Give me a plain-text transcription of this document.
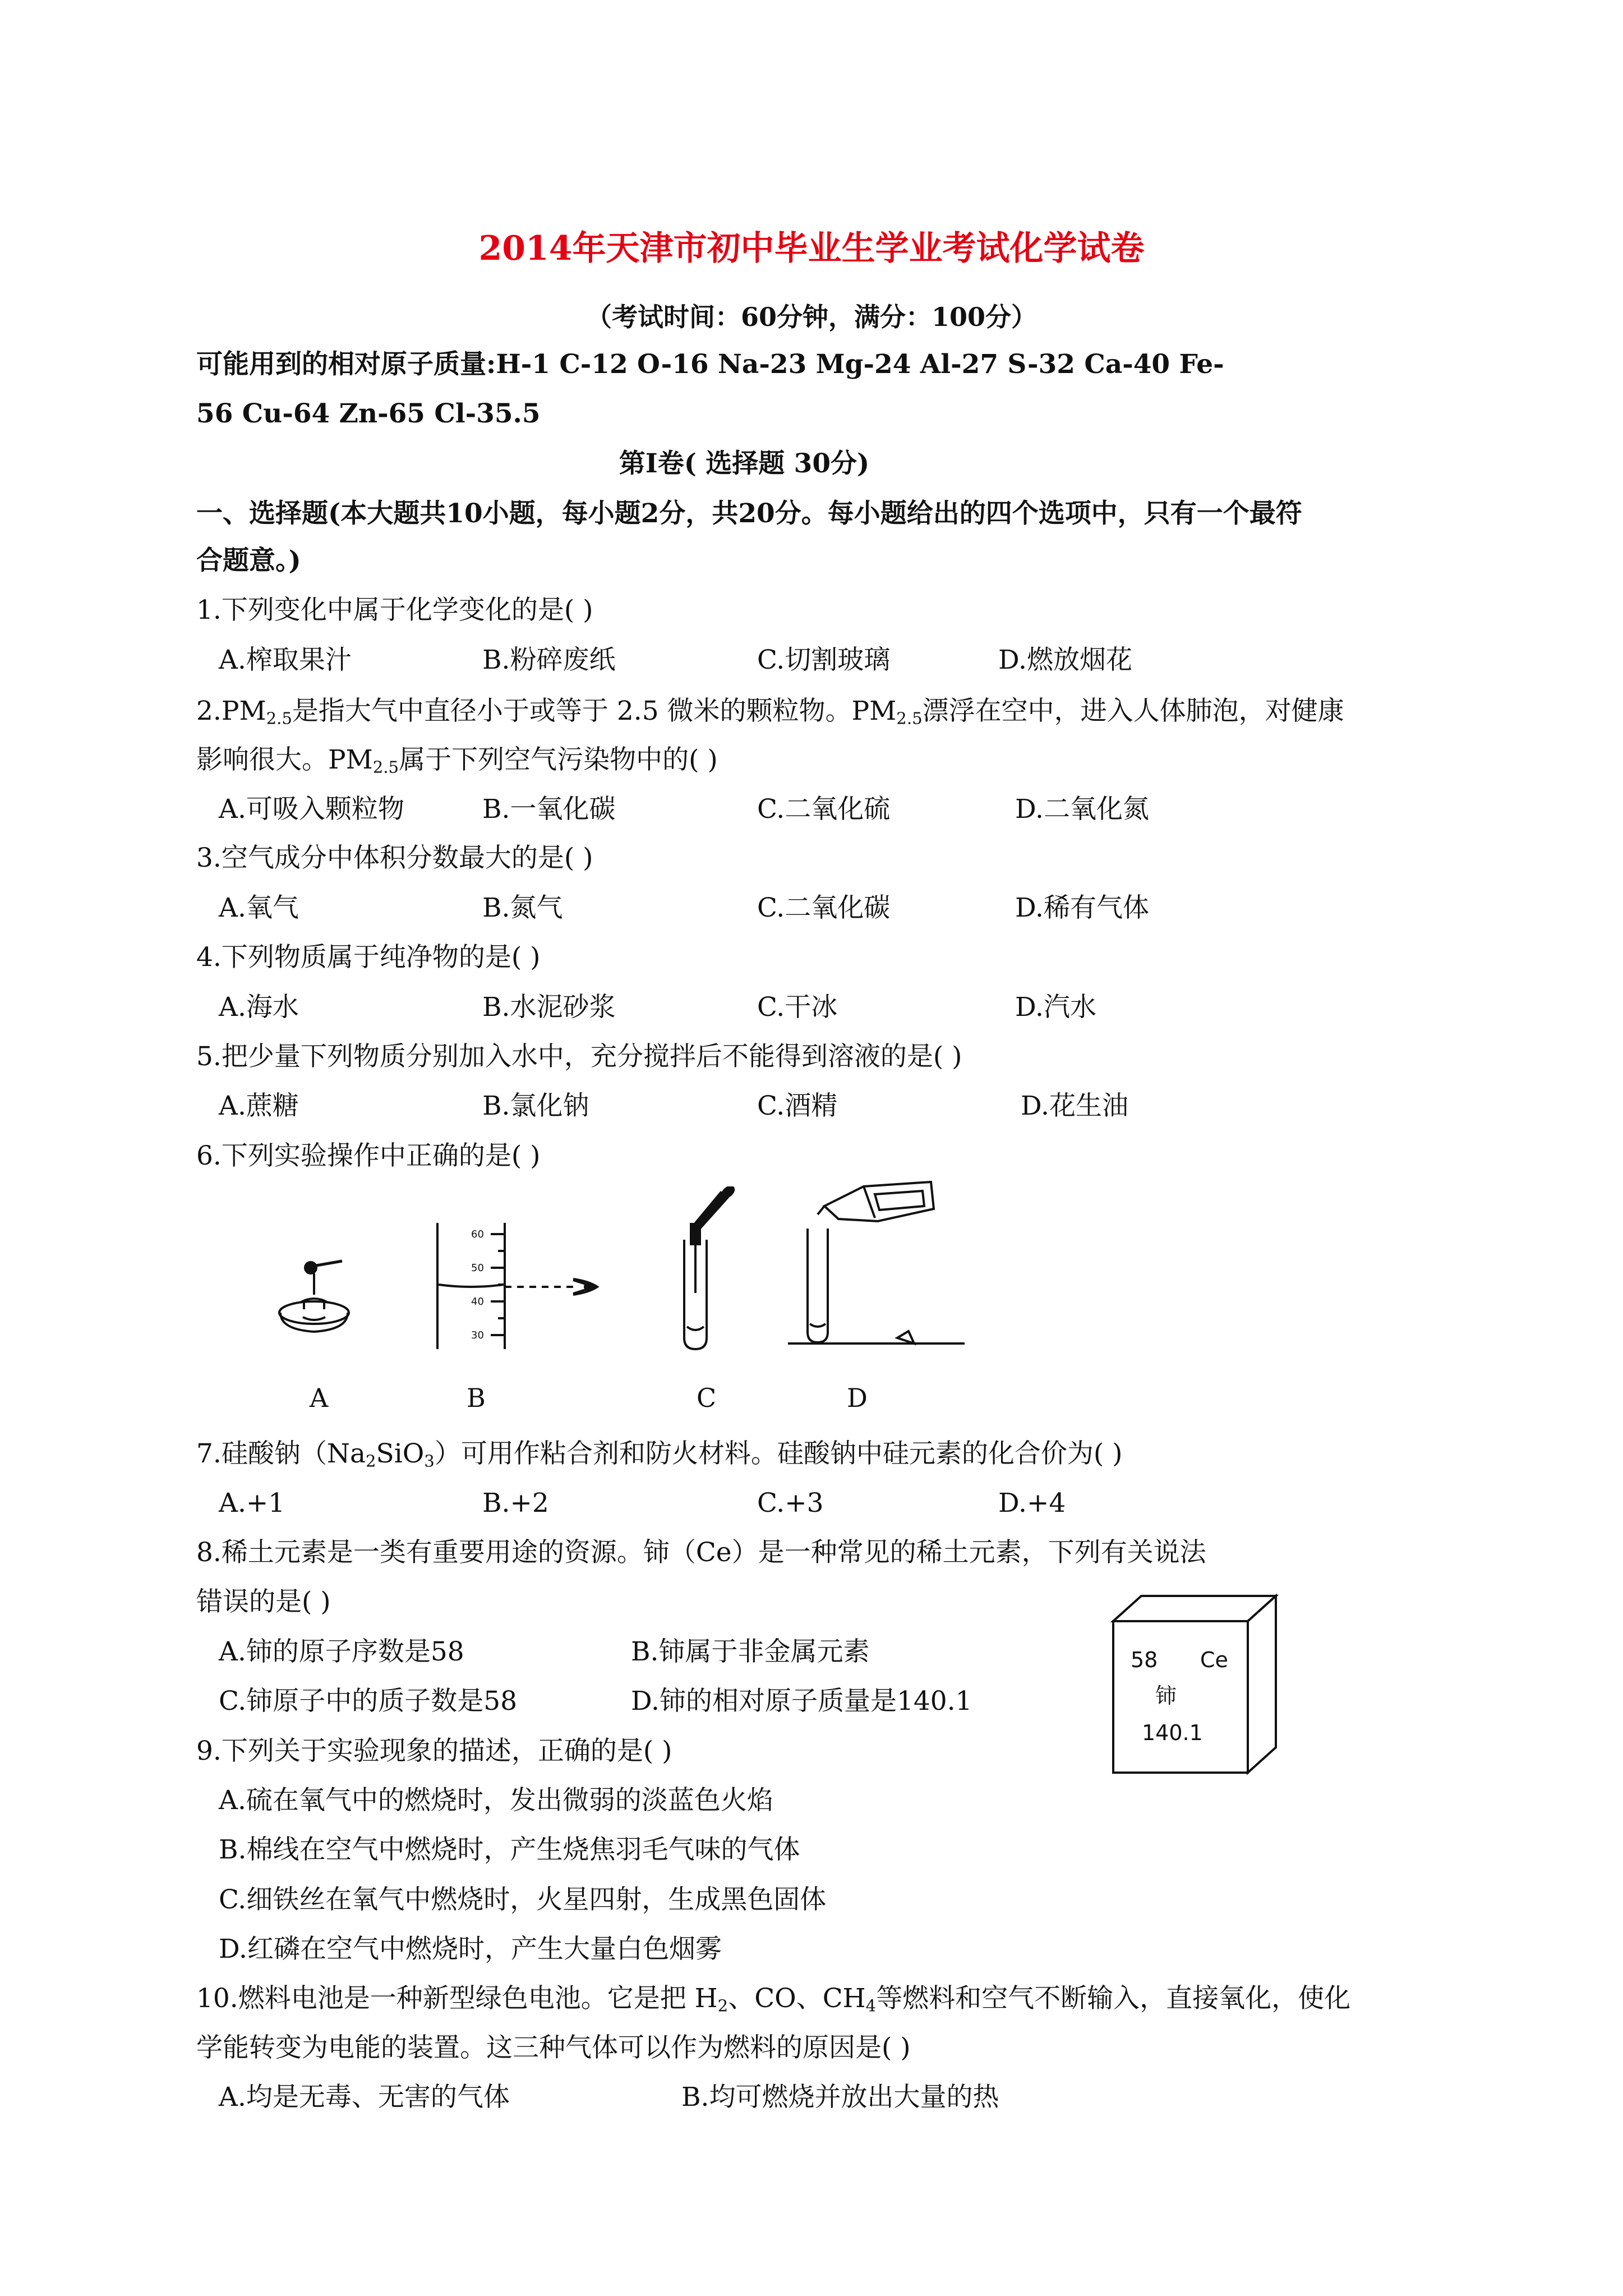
2014年天津市初中毕业生学业考试化学试卷
（考试时间：60分钟，满分：100分）
可能用到的相对原子质量:H-1 C-12 O-16 Na-23 Mg-24 Al-27 S-32 Ca-40 Fe-
56 Cu-64 Zn-65 Cl-35.5
第Ⅰ卷( 选择题 30分)
一、选择题(本大题共10小题，每小题2分，共20分。每小题给出的四个选项中，只有一个最符
合题意。)
1.下列变化中属于化学变化的是( )
A.榨取果汁	B.粉碎废纸	C.切割玻璃	D.燃放烟花
$2.PM_{2.5}$是指大气中直径小于或等于 2.5 微米的颗粒物。$PM_{2.5}$漂浮在空中，进入人体肺泡，对健康
影响很大。$PM_{2.5}$属于下列空气污染物中的( )
A.可吸入颗粒物	B.一氧化碳	C.二氧化硫	D.二氧化氮
3.空气成分中体积分数最大的是( )
A.氧气	B.氮气	C.二氧化碳	D.稀有气体
4.下列物质属于纯净物的是( )
A.海水	B.水泥砂浆	C.干冰	D.汽水
5.把少量下列物质分别加入水中，充分搅拌后不能得到溶液的是( )
A.蔗糖	B.氯化钠	C.酒精	D.花生油
6.下列实验操作中正确的是( )
A
60
50
40
30
B	C	D
7.硅酸钠$(Na_2SiO_3)$可用作粘合剂和防火材料。硅酸钠中硅元素的化合价为( )
A.+1	B.+2	C.+3	D.+4
8.稀土元素是一类有重要用途的资源。铈（Ce）是一种常见的稀土元素，下列有关说法
错误的是( )
A.铈的原子序数是58	B.铈属于非金属元素
C.铈原子中的质子数是58	D.铈的相对原子质量是140.1
58 Ce
铈
140.1
9.下列关于实验现象的描述，正确的是( )
A.硫在氧气中的燃烧时，发出微弱的淡蓝色火焰
B.棉线在空气中燃烧时，产生烧焦羽毛气味的气体
C.细铁丝在氧气中燃烧时，火星四射，生成黑色固体
D.红磷在空气中燃烧时，产生大量白色烟雾
10.燃料电池是一种新型绿色电池。它是把 $H_2$、CO、$CH_4$等燃料和空气不断输入，直接氧化，使化
学能转变为电能的装置。这三种气体可以作为燃料的原因是( )
A.均是无毒、无害的气体	B.均可燃烧并放出大量的热
